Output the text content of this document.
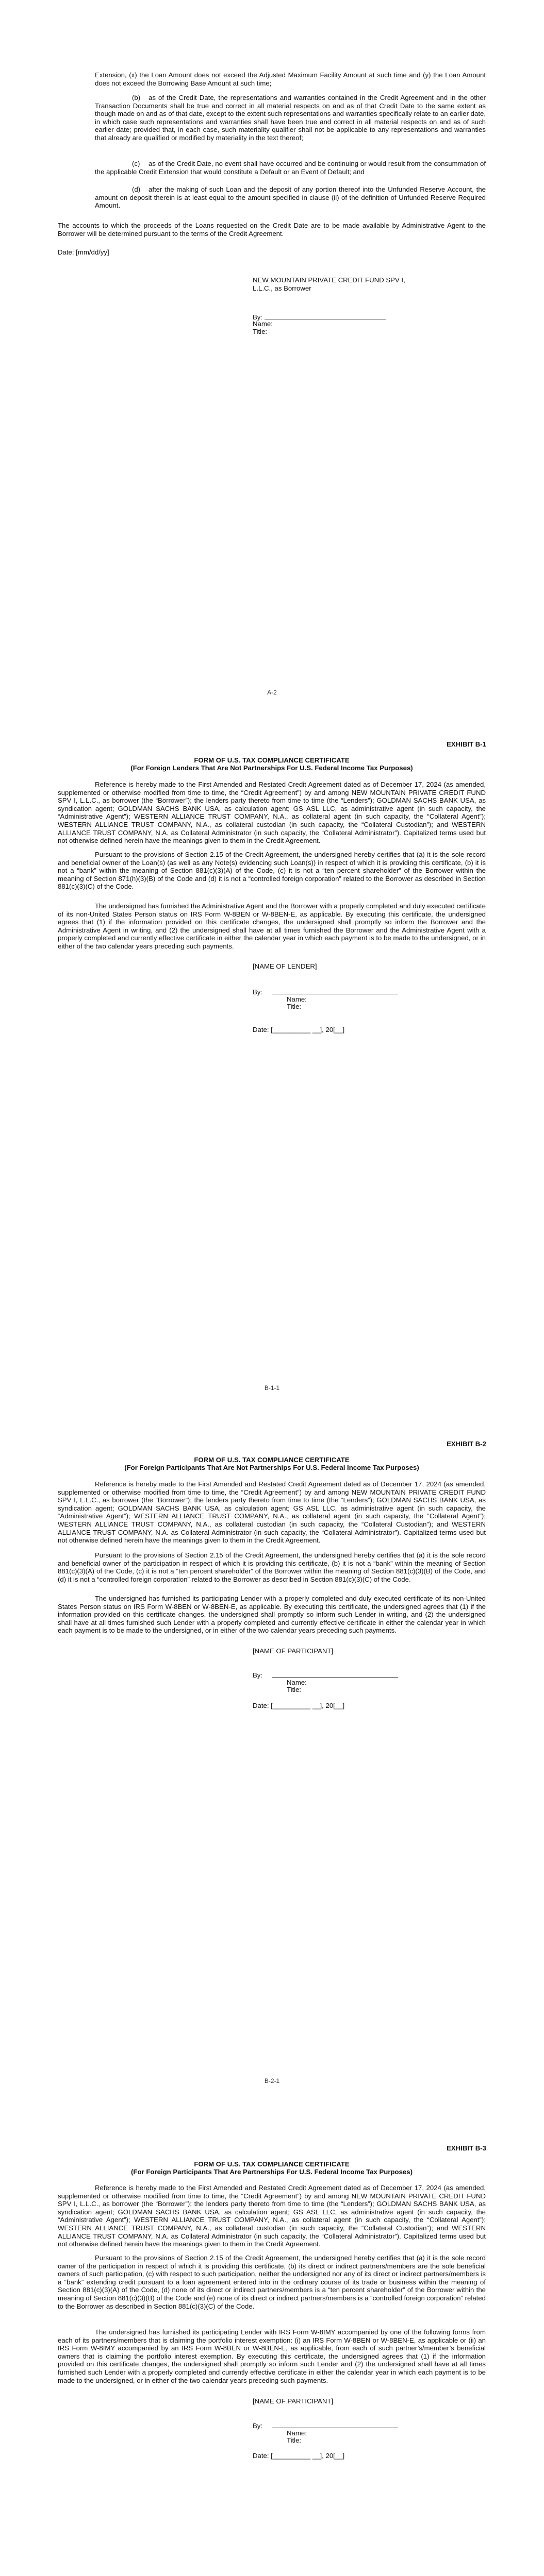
Extension, (x) the Loan Amount does not exceed the Adjusted Maximum Facility Amount at such time and (y) the Loan Amount does not exceed the Borrowing Base Amount at such time;

(b)	as of the Credit Date, the representations and warranties contained in the Credit Agreement and in the other Transaction Documents shall be true and correct in all material respects on and as of that Credit Date to the same extent as though made on and as of that date, except to the extent such representations and warranties specifically relate to an earlier date, in which case such representations and warranties shall have been true and correct in all material respects on and as of such earlier date; provided that, in each case, such materiality qualifier shall not be applicable to any representations and warranties that already are qualified or modified by materiality in the text thereof;

(c)	as of the Credit Date, no event shall have occurred and be continuing or would result from the consummation of the applicable Credit Extension that would constitute a Default or an Event of Default; and

(d)	after the making of such Loan and the deposit of any portion thereof into the Unfunded Reserve Account, the amount on deposit therein is at least equal to the amount specified in clause (ii) of the definition of Unfunded Reserve Required Amount.

The accounts to which the proceeds of the Loans requested on the Credit Date are to be made available by Administrative Agent to the Borrower will be determined pursuant to the terms of the Credit Agreement.

Date: [mm/dd/yy]

NEW MOUNTAIN PRIVATE CREDIT FUND SPV I,

L.L.C., as Borrower

By:

Name:

Title:

A-2

EXHIBIT B-1

FORM OF U.S. TAX COMPLIANCE CERTIFICATE

(For Foreign Lenders That Are Not Partnerships For U.S. Federal Income Tax Purposes)

Reference is hereby made to the First Amended and Restated Credit Agreement dated as of December 17, 2024 (as amended, supplemented or otherwise modified from time to time, the “Credit Agreement”) by and among NEW MOUNTAIN PRIVATE CREDIT FUND SPV I, L.L.C., as borrower (the “Borrower”); the lenders party thereto from time to time (the “Lenders”); GOLDMAN SACHS BANK USA, as syndication agent; GOLDMAN SACHS BANK USA, as calculation agent; GS ASL LLC, as administrative agent (in such capacity, the “Administrative Agent”); WESTERN ALLIANCE TRUST COMPANY, N.A., as collateral agent (in such capacity, the “Collateral Agent”); WESTERN ALLIANCE TRUST COMPANY, N.A., as collateral custodian (in such capacity, the “Collateral Custodian”); and WESTERN ALLIANCE TRUST COMPANY, N.A. as Collateral Administrator (in such capacity, the “Collateral Administrator”). Capitalized terms used but not otherwise defined herein have the meanings given to them in the Credit Agreement.

Pursuant to the provisions of Section 2.15 of the Credit Agreement, the undersigned hereby certifies that (a) it is the sole record and beneficial owner of the Loan(s) (as well as any Note(s) evidencing such Loan(s)) in respect of which it is providing this certificate, (b) it is not a “bank” within the meaning of Section 881(c)(3)(A) of the Code, (c) it is not a “ten percent shareholder” of the Borrower within the meaning of Section 871(h)(3)(B) of the Code and (d) it is not a “controlled foreign corporation” related to the Borrower as described in Section 881(c)(3)(C) of the Code.

The undersigned has furnished the Administrative Agent and the Borrower with a properly completed and duly executed certificate of its non-United States Person status on IRS Form W-8BEN or W-8BEN-E, as applicable. By executing this certificate, the undersigned agrees that (1) if the information provided on this certificate changes, the undersigned shall promptly so inform the Borrower and the Administrative Agent in writing, and (2) the undersigned shall have at all times furnished the Borrower and the Administrative Agent with a properly completed and currently effective certificate in either the calendar year in which each payment is to be made to the undersigned, or in either of the two calendar years preceding such payments.

[NAME OF LENDER]

By:

Name:

Title:

Date: [__________ __], 20[__]

B-1-1

EXHIBIT B-2

FORM OF U.S. TAX COMPLIANCE CERTIFICATE

(For Foreign Participants That Are Not Partnerships For U.S. Federal Income Tax Purposes)

Reference is hereby made to the First Amended and Restated Credit Agreement dated as of December 17, 2024 (as amended, supplemented or otherwise modified from time to time, the “Credit Agreement”) by and among NEW MOUNTAIN PRIVATE CREDIT FUND SPV I, L.L.C., as borrower (the “Borrower”); the lenders party thereto from time to time (the “Lenders”); GOLDMAN SACHS BANK USA, as syndication agent; GOLDMAN SACHS BANK USA, as calculation agent; GS ASL LLC, as administrative agent (in such capacity, the “Administrative Agent”); WESTERN ALLIANCE TRUST COMPANY, N.A., as collateral agent (in such capacity, the “Collateral Agent”); WESTERN ALLIANCE TRUST COMPANY, N.A., as collateral custodian (in such capacity, the “Collateral Custodian”); and WESTERN ALLIANCE TRUST COMPANY, N.A. as Collateral Administrator (in such capacity, the “Collateral Administrator”). Capitalized terms used but not otherwise defined herein have the meanings given to them in the Credit Agreement.

Pursuant to the provisions of Section 2.15 of the Credit Agreement, the undersigned hereby certifies that (a) it is the sole record and beneficial owner of the participation in respect of which it is providing this certificate, (b) it is not a “bank” within the meaning of Section 881(c)(3)(A) of the Code, (c) it is not a “ten percent shareholder” of the Borrower within the meaning of Section 881(c)(3)(B) of the Code, and (d) it is not a “controlled foreign corporation” related to the Borrower as described in Section 881(c)(3)(C) of the Code.

The undersigned has furnished its participating Lender with a properly completed and duly executed certificate of its non-United States Person status on IRS Form W-8BEN or W-8BEN-E, as applicable. By executing this certificate, the undersigned agrees that (1) if the information provided on this certificate changes, the undersigned shall promptly so inform such Lender in writing, and (2) the undersigned shall have at all times furnished such Lender with a properly completed and currently effective certificate in either the calendar year in which each payment is to be made to the undersigned, or in either of the two calendar years preceding such payments.

[NAME OF PARTICIPANT]

By:

Name:

Title:

Date: [__________ __], 20[__]

B-2-1

EXHIBIT B-3

FORM OF U.S. TAX COMPLIANCE CERTIFICATE

(For Foreign Participants That Are Partnerships For U.S. Federal Income Tax Purposes)

Reference is hereby made to the First Amended and Restated Credit Agreement dated as of December 17, 2024 (as amended, supplemented or otherwise modified from time to time, the “Credit Agreement”) by and among NEW MOUNTAIN PRIVATE CREDIT FUND SPV I, L.L.C., as borrower (the “Borrower”); the lenders party thereto from time to time (the “Lenders”); GOLDMAN SACHS BANK USA, as syndication agent; GOLDMAN SACHS BANK USA, as calculation agent; GS ASL LLC, as administrative agent (in such capacity, the “Administrative Agent”); WESTERN ALLIANCE TRUST COMPANY, N.A., as collateral agent (in such capacity, the “Collateral Agent”); WESTERN ALLIANCE TRUST COMPANY, N.A., as collateral custodian (in such capacity, the “Collateral Custodian”); and WESTERN ALLIANCE TRUST COMPANY, N.A. as Collateral Administrator (in such capacity, the “Collateral Administrator”). Capitalized terms used but not otherwise defined herein have the meanings given to them in the Credit Agreement.

Pursuant to the provisions of Section 2.15 of the Credit Agreement, the undersigned hereby certifies that (a) it is the sole record owner of the participation in respect of which it is providing this certificate, (b) its direct or indirect partners/members are the sole beneficial owners of such participation, (c) with respect to such participation, neither the undersigned nor any of its direct or indirect partners/members is a “bank” extending credit pursuant to a loan agreement entered into in the ordinary course of its trade or business within the meaning of Section 881(c)(3)(A) of the Code, (d) none of its direct or indirect partners/members is a “ten percent shareholder” of the Borrower within the meaning of Section 881(c)(3)(B) of the Code and (e) none of its direct or indirect partners/members is a “controlled foreign corporation” related to the Borrower as described in Section 881(c)(3)(C) of the Code.

The undersigned has furnished its participating Lender with IRS Form W-8IMY accompanied by one of the following forms from each of its partners/members that is claiming the portfolio interest exemption: (i) an IRS Form W-8BEN or W-8BEN-E, as applicable or (ii) an IRS Form W-8IMY accompanied by an IRS Form W-8BEN or W-8BEN-E, as applicable, from each of such partner’s/member’s beneficial owners that is claiming the portfolio interest exemption. By executing this certificate, the undersigned agrees that (1) if the information provided on this certificate changes, the undersigned shall promptly so inform such Lender and (2) the undersigned shall have at all times furnished such Lender with a properly completed and currently effective certificate in either the calendar year in which each payment is to be made to the undersigned, or in either of the two calendar years preceding such payments.

[NAME OF PARTICIPANT]

By:

Name:

Title:

Date: [__________ __], 20[__]
